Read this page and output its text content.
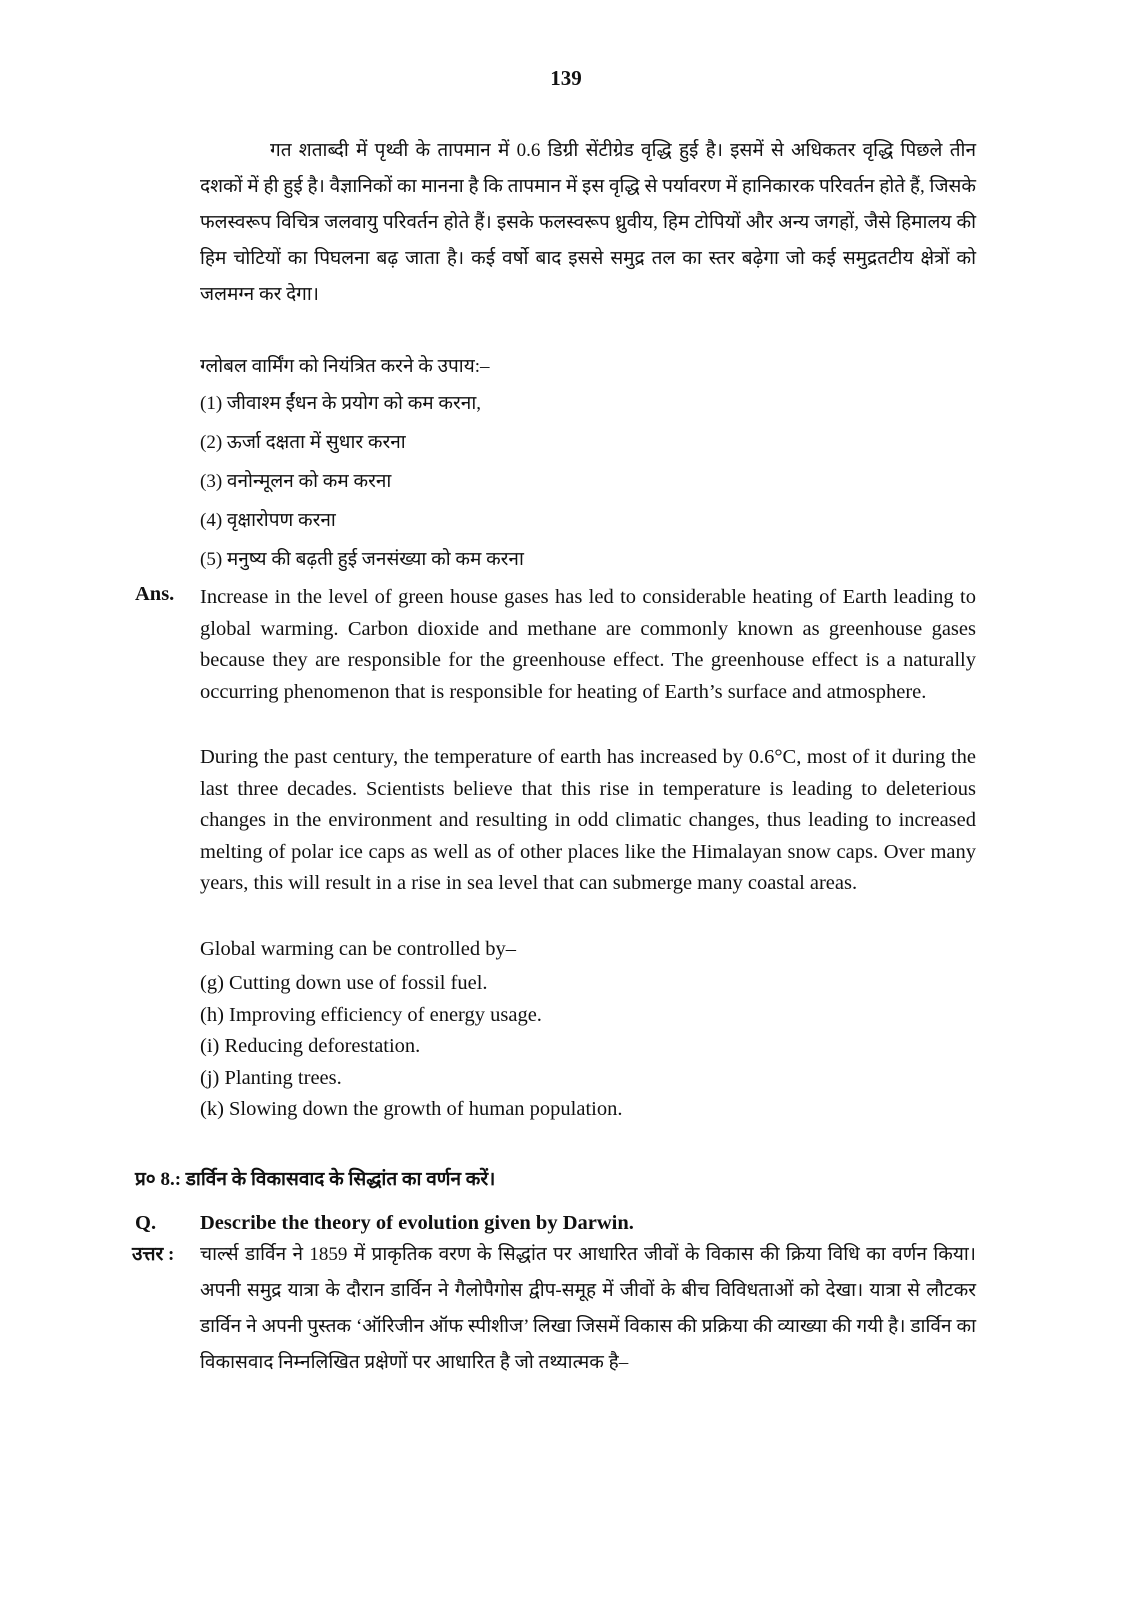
139
गत शताब्दी में पृथ्वी के तापमान में 0.6 डिग्री सेंटीग्रेड वृद्धि हुई है। इसमें से अधिकतर वृद्धि पिछले तीन दशकों में ही हुई है। वैज्ञानिकों का मानना है कि तापमान में इस वृद्धि से पर्यावरण में हानिकारक परिवर्तन होते हैं, जिसके फलस्वरूप विचित्र जलवायु परिवर्तन होते हैं। इसके फलस्वरूप ध्रुवीय, हिम टोपियों और अन्य जगहों, जैसे हिमालय की हिम चोटियों का पिघलना बढ़ जाता है। कई वर्षो बाद इससे समुद्र तल का स्तर बढ़ेगा जो कई समुद्रतटीय क्षेत्रों को जलमग्न कर देगा।
ग्लोबल वार्मिंग को नियंत्रित करने के उपाय:–
(1) जीवाश्म ईंधन के प्रयोग को कम करना,
(2) ऊर्जा दक्षता में सुधार करना
(3) वनोन्मूलन को कम करना
(4) वृक्षारोपण करना
(5) मनुष्य की बढ़ती हुई जनसंख्या को कम करना
Ans. Increase in the level of green house gases has led to considerable heating of Earth leading to global warming. Carbon dioxide and methane are commonly known as greenhouse gases because they are responsible for the greenhouse effect. The greenhouse effect is a naturally occurring phenomenon that is responsible for heating of Earth’s surface and atmosphere.
During the past century, the temperature of earth has increased by 0.6°C, most of it during the last three decades. Scientists believe that this rise in temperature is leading to deleterious changes in the environment and resulting in odd climatic changes, thus leading to increased melting of polar ice caps as well as of other places like the Himalayan snow caps. Over many years, this will result in a rise in sea level that can submerge many coastal areas.
Global warming can be controlled by–
(g) Cutting down use of fossil fuel.
(h) Improving efficiency of energy usage.
(i) Reducing deforestation.
(j) Planting trees.
(k) Slowing down the growth of human population.
प्र० 8.: डार्विन के विकासवाद के सिद्धांत का वर्णन करें।
Q. Describe the theory of evolution given by Darwin.
उत्तर : चार्ल्स डार्विन ने 1859 में प्राकृतिक वरण के सिद्धांत पर आधारित जीवों के विकास की क्रिया विधि का वर्णन किया। अपनी समुद्र यात्रा के दौरान डार्विन ने गैलोपैगोस द्वीप-समूह में जीवों के बीच विविधताओं को देखा। यात्रा से लौटकर डार्विन ने अपनी पुस्तक ‘ऑरिजीन ऑफ स्पीशीज’ लिखा जिसमें विकास की प्रक्रिया की व्याख्या की गयी है। डार्विन का विकासवाद निम्नलिखित प्रक्षेणों पर आधारित है जो तथ्यात्मक है–
